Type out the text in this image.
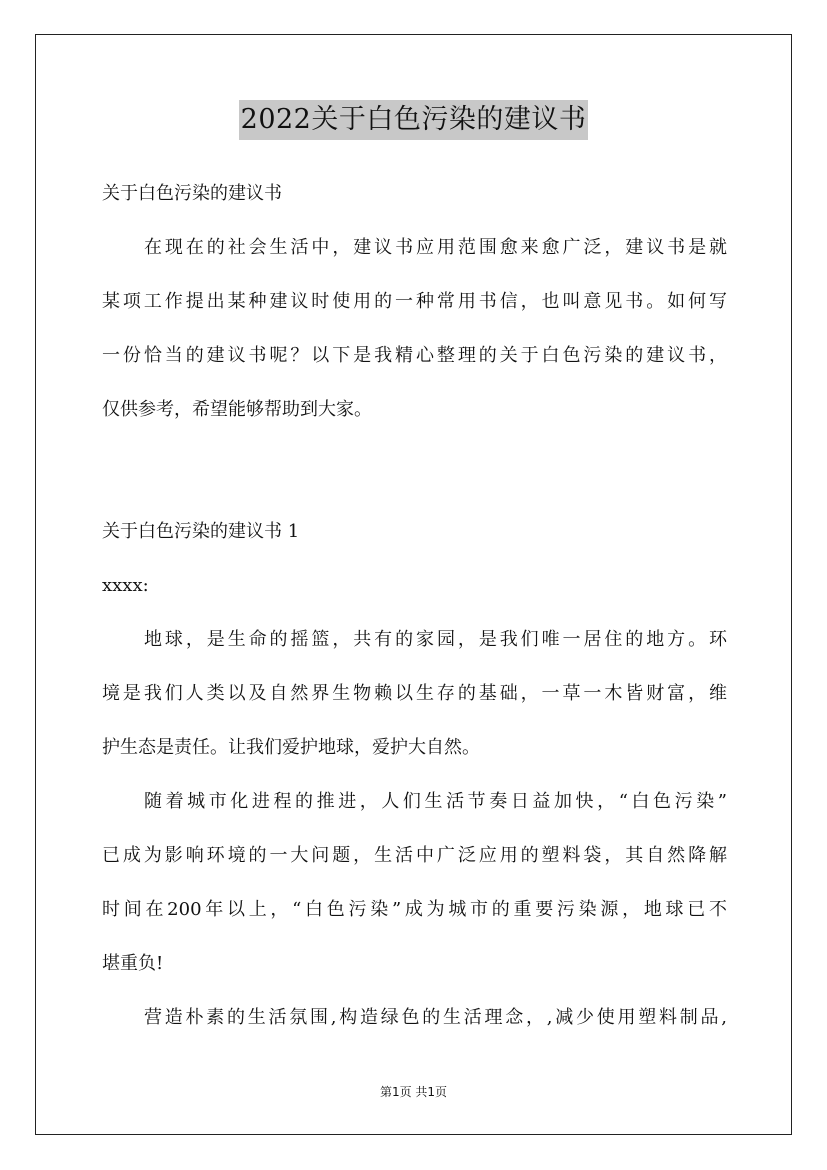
2022关于白色污染的建议书
关于白色污染的建议书
在现在的社会生活中，建议书应用范围愈来愈广泛，建议书是就
某项工作提出某种建议时使用的一种常用书信，也叫意见书。如何写
一份恰当的建议书呢？以下是我精心整理的关于白色污染的建议书，
仅供参考，希望能够帮助到大家。
关于白色污染的建议书 1
xxxx:
地球，是生命的摇篮，共有的家园，是我们唯一居住的地方。环
境是我们人类以及自然界生物赖以生存的基础，一草一木皆财富，维
护生态是责任。让我们爱护地球，爱护大自然。
随着城市化进程的推进，人们生活节奏日益加快，“白色污染”
已成为影响环境的一大问题，生活中广泛应用的塑料袋，其自然降解
时间在200年以上，“白色污染”成为城市的重要污染源，地球已不
堪重负!
营造朴素的生活氛围,构造绿色的生活理念，,减少使用塑料制品,
第1页 共1页
